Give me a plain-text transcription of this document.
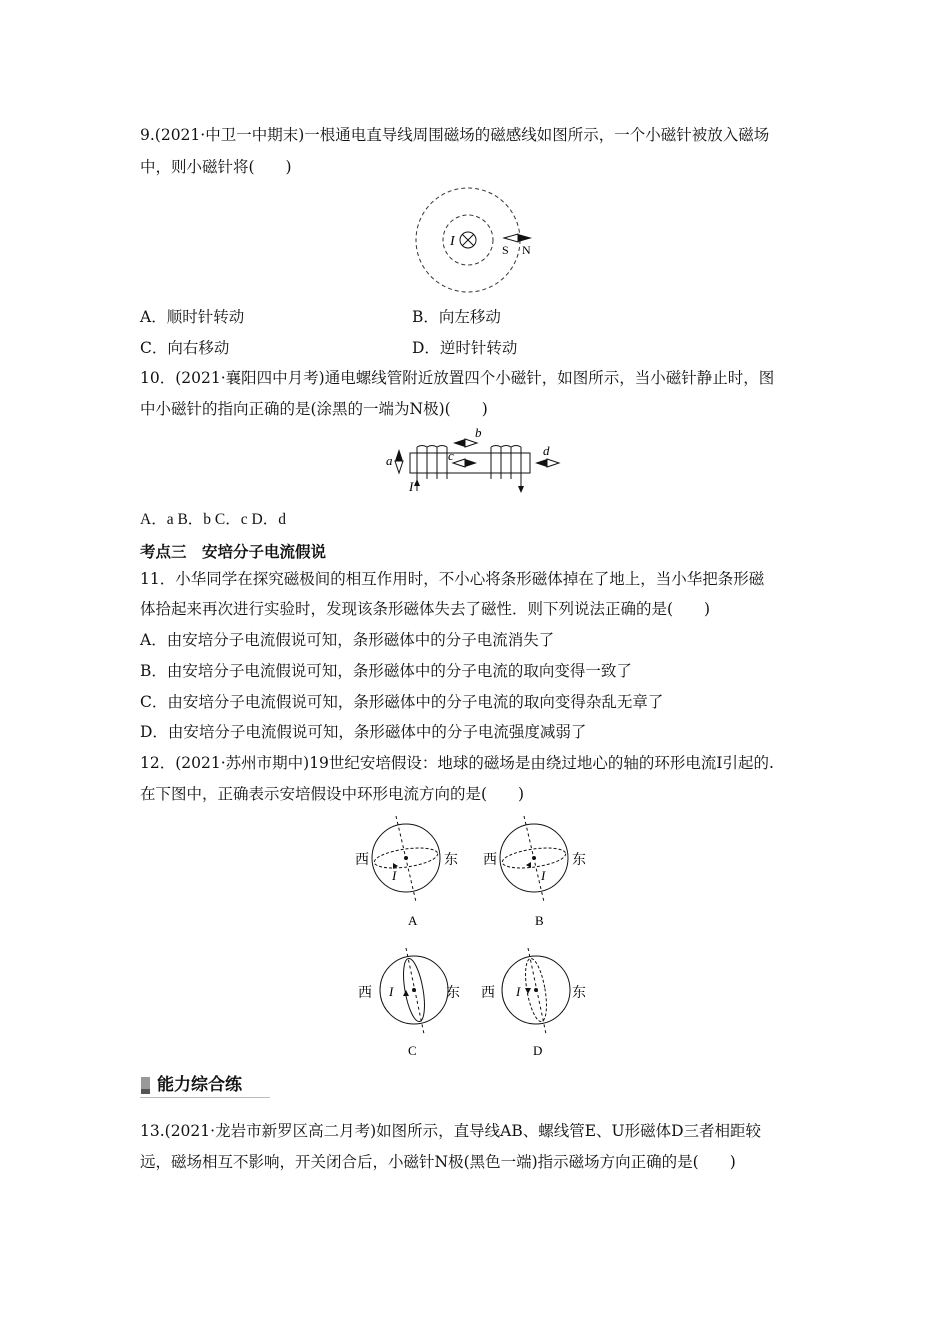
9.(2021·中卫一中期末)一根通电直导线周围磁场的磁感线如图所示，一个小磁针被放入磁场
中，则小磁针将(　　)
I
S N
A．顺时针转动	B．向左移动
C．向右移动	D．逆时针转动
10．(2021·襄阳四中月考)通电螺线管附近放置四个小磁针，如图所示，当小磁针静止时，图
中小磁针的指向正确的是(涂黑的一端为N极)(　　)
I
a
b
c	d
A．a B．b C．c D．d
考点三　安培分子电流假说
11．小华同学在探究磁极间的相互作用时，不小心将条形磁体掉在了地上，当小华把条形磁
体拾起来再次进行实验时，发现该条形磁体失去了磁性．则下列说法正确的是(　　)
A．由安培分子电流假说可知，条形磁体中的分子电流消失了
B．由安培分子电流假说可知，条形磁体中的分子电流的取向变得一致了
C．由安培分子电流假说可知，条形磁体中的分子电流的取向变得杂乱无章了
D．由安培分子电流假说可知，条形磁体中的分子电流强度减弱了
12．(2021·苏州市期中)19世纪安培假设：地球的磁场是由绕过地心的轴的环形电流I引起的.
在下图中，正确表示安培假设中环形电流方向的是(　　)
西	东
I
A
西	东
I
B
西	东
I
C
西	东
I
D
能力综合练
13.(2021·龙岩市新罗区高二月考)如图所示，直导线AB、螺线管E、U形磁体D三者相距较
远，磁场相互不影响，开关闭合后，小磁针N极(黑色一端)指示磁场方向正确的是(　　)
